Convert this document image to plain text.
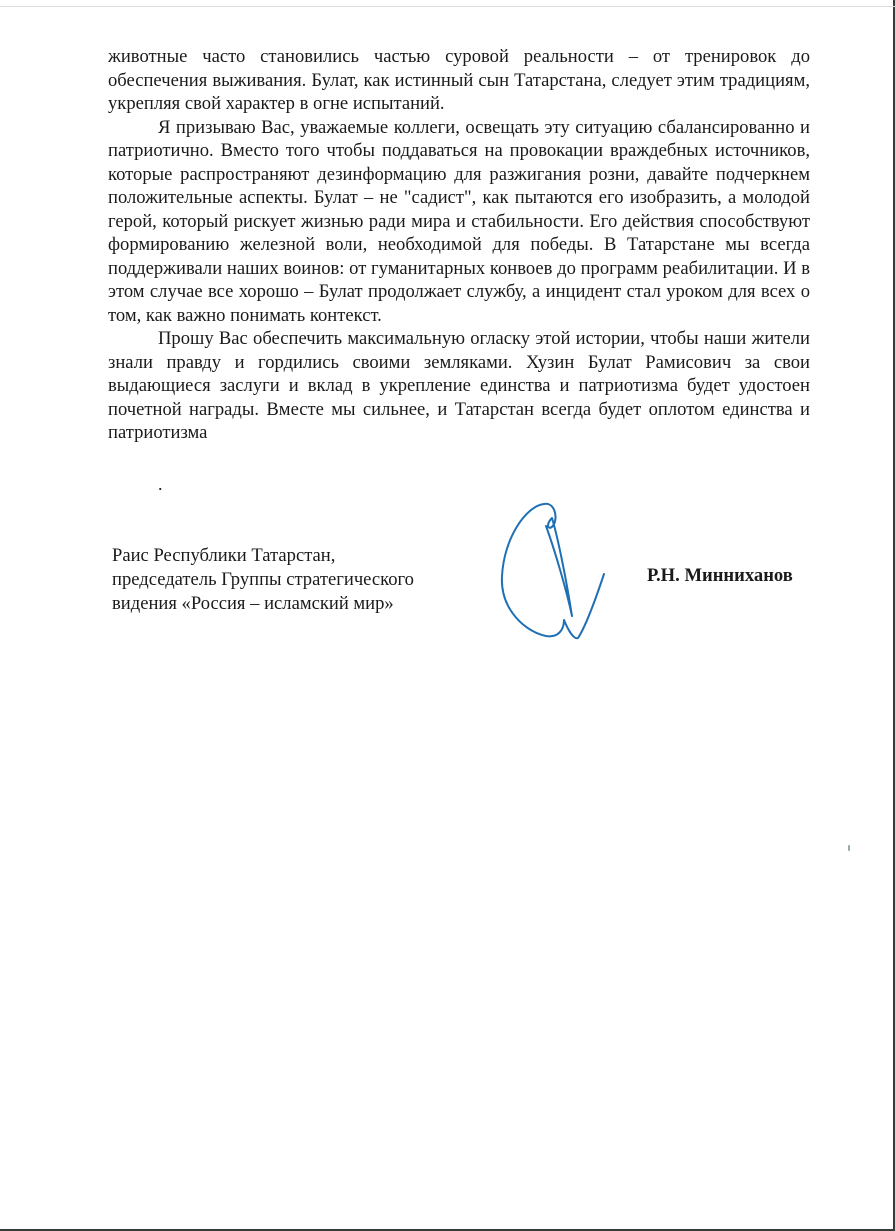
животные часто становились частью суровой реальности – от тренировок до обеспечения выживания. Булат, как истинный сын Татарстана, следует этим традициям, укрепляя свой характер в огне испытаний.

Я призываю Вас, уважаемые коллеги, освещать эту ситуацию сбалансированно и патриотично. Вместо того чтобы поддаваться на провокации враждебных источников, которые распространяют дезинформацию для разжигания розни, давайте подчеркнем положительные аспекты. Булат – не "садист", как пытаются его изобразить, а молодой герой, который рискует жизнью ради мира и стабильности. Его действия способствуют формированию железной воли, необходимой для победы. В Татарстане мы всегда поддерживали наших воинов: от гуманитарных конвоев до программ реабилитации. И в этом случае все хорошо – Булат продолжает службу, а инцидент стал уроком для всех о том, как важно понимать контекст.

Прошу Вас обеспечить максимальную огласку этой истории, чтобы наши жители знали правду и гордились своими земляками. Хузин Булат Рамисович за свои выдающиеся заслуги и вклад в укрепление единства и патриотизма будет удостоен почетной награды. Вместе мы сильнее, и Татарстан всегда будет оплотом единства и патриотизма

.
Раис Республики Татарстан,
председатель Группы стратегического
видения «Россия – исламский мир»
Р.Н. Минниханов
